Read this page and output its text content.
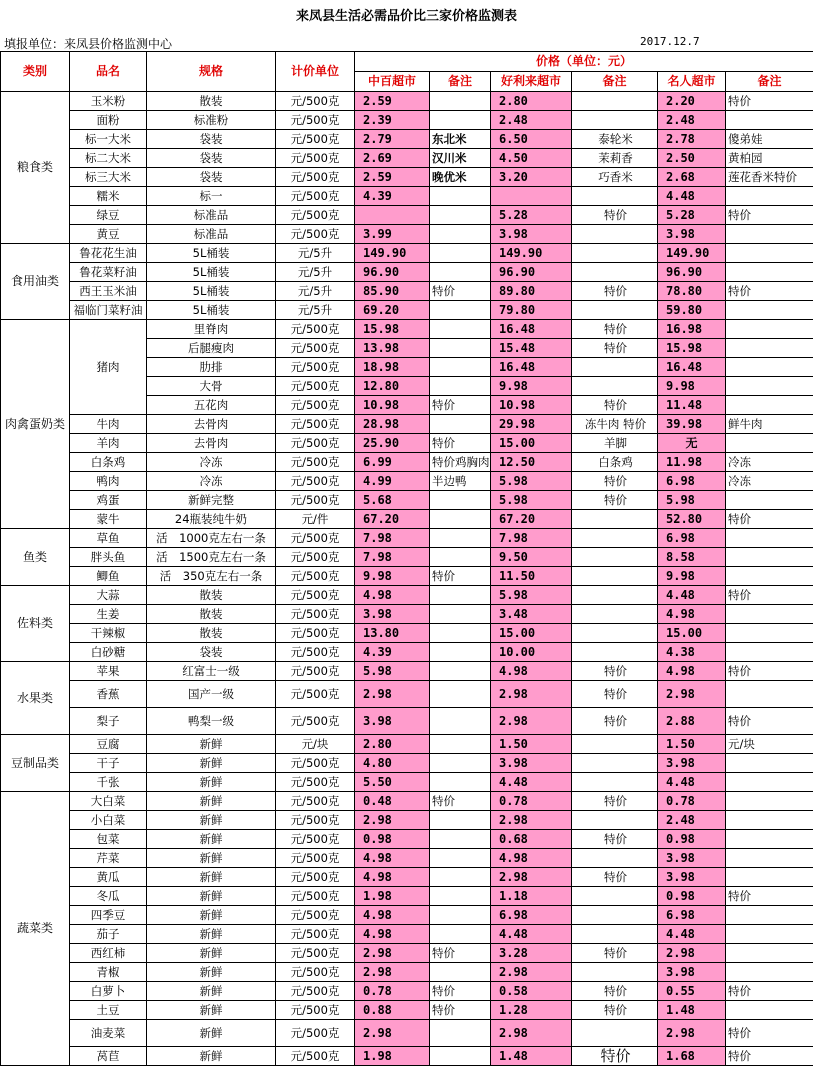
来凤县生活必需品价比三家价格监测表
填报单位：来凤县价格监测中心	2017.12.7
类别	品名	规格	计价单位	价格（单位：元）					
				中百超市	备注	好利来超市	备注	名人超市	备注
粮食类	玉米粉	散装	元/500克	2.59		2.80		2.20	特价
	面粉	标准粉	元/500克	2.39		2.48		2.48	
	标一大米	袋装	元/500克	2.79	东北米	6.50	泰轮米	2.78	傻弟娃
	标二大米	袋装	元/500克	2.69	汉川米	4.50	茉莉香	2.50	黄柏园
	标三大米	袋装	元/500克	2.59	晚优米	3.20	巧香米	2.68	莲花香米特价
	糯米	标一	元/500克	4.39				4.48	
	绿豆	标准品	元/500克			5.28	特价	5.28	特价
	黄豆	标准品	元/500克	3.99		3.98		3.98	
食用油类	鲁花花生油	5L桶装	元/5升	149.90		149.90		149.90	
	鲁花菜籽油	5L桶装	元/5升	96.90		96.90		96.90	
	西王玉米油	5L桶装	元/5升	85.90	特价	89.80	特价	78.80	特价
	福临门菜籽油	5L桶装	元/5升	69.20		79.80		59.80	
肉禽蛋奶类	猪肉	里脊肉	元/500克	15.98		16.48	特价	16.98	
		后腿瘦肉	元/500克	13.98		15.48	特价	15.98	
		肋排	元/500克	18.98		16.48		16.48	
		大骨	元/500克	12.80		9.98		9.98	
		五花肉	元/500克	10.98	特价	10.98	特价	11.48	
	牛肉	去骨肉	元/500克	28.98		29.98	冻牛肉 特价	39.98	鲜牛肉
	羊肉	去骨肉	元/500克	25.90	特价	15.00	羊脚	无	
	白条鸡	冷冻	元/500克	6.99	特价鸡胸肉	12.50	白条鸡	11.98	冷冻
	鸭肉	冷冻	元/500克	4.99	半边鸭	5.98	特价	6.98	冷冻
	鸡蛋	新鲜完整	元/500克	5.68		5.98	特价	5.98	
	蒙牛	24瓶装纯牛奶	元/件	67.20		67.20		52.80	特价
鱼类	草鱼	活　1000克左右一条	元/500克	7.98		7.98		6.98	
	胖头鱼	活　1500克左右一条	元/500克	7.98		9.50		8.58	
	鲫鱼	活　350克左右一条	元/500克	9.98	特价	11.50		9.98	
佐料类	大蒜	散装	元/500克	4.98		5.98		4.48	特价
	生姜	散装	元/500克	3.98		3.48		4.98	
	干辣椒	散装	元/500克	13.80		15.00		15.00	
	白砂糖	袋装	元/500克	4.39		10.00		4.38	
水果类	苹果	红富士一级	元/500克	5.98		4.98	特价	4.98	特价
	香蕉	国产一级	元/500克	2.98		2.98	特价	2.98	
	梨子	鸭梨一级	元/500克	3.98		2.98	特价	2.88	特价
豆制品类	豆腐	新鲜	元/块	2.80		1.50		1.50	元/块
	干子	新鲜	元/500克	4.80		3.98		3.98	
	千张	新鲜	元/500克	5.50		4.48		4.48	
蔬菜类	大白菜	新鲜	元/500克	0.48	特价	0.78	特价	0.78	
	小白菜	新鲜	元/500克	2.98		2.98		2.48	
	包菜	新鲜	元/500克	0.98		0.68	特价	0.98	
	芹菜	新鲜	元/500克	4.98		4.98		3.98	
	黄瓜	新鲜	元/500克	4.98		2.98	特价	3.98	
	冬瓜	新鲜	元/500克	1.98		1.18		0.98	特价
	四季豆	新鲜	元/500克	4.98		6.98		6.98	
	茄子	新鲜	元/500克	4.98		4.48		4.48	
	西红柿	新鲜	元/500克	2.98	特价	3.28	特价	2.98	
	青椒	新鲜	元/500克	2.98		2.98		3.98	
	白萝卜	新鲜	元/500克	0.78	特价	0.58	特价	0.55	特价
	土豆	新鲜	元/500克	0.88	特价	1.28	特价	1.48	
	油麦菜	新鲜	元/500克	2.98		2.98		2.98	特价
	莴苣	新鲜	元/500克	1.98		1.48	特价	1.68	特价
